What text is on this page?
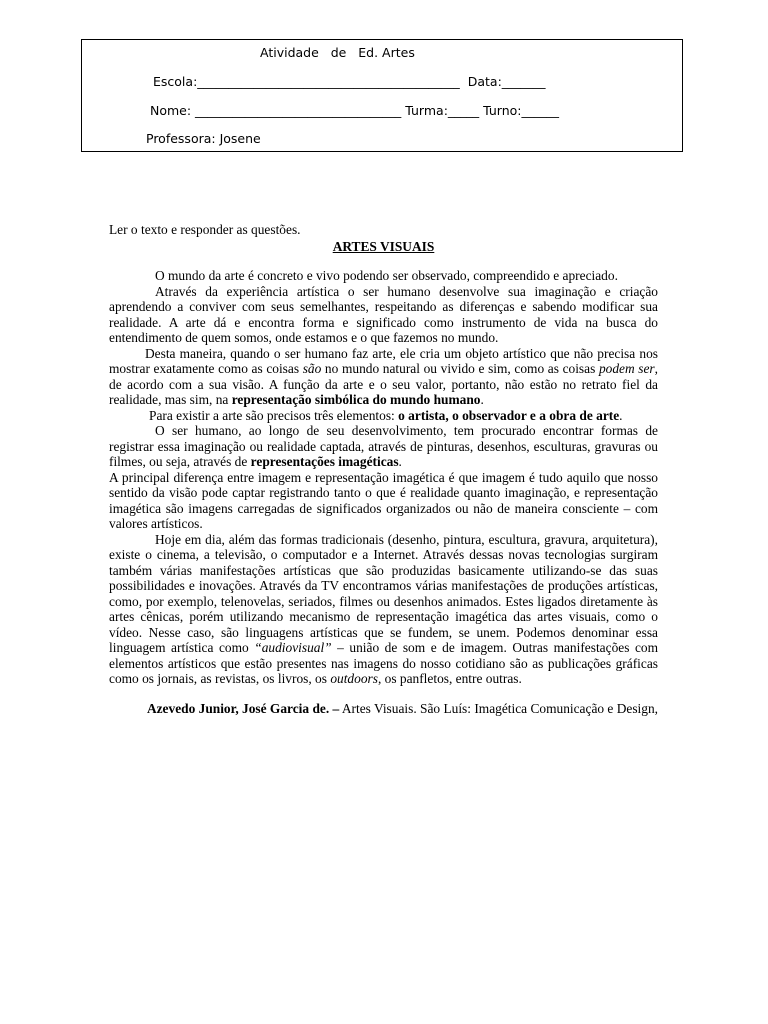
Atividade   de   Ed. Artes
Escola:__________________________________________  Data:_______
Nome: _________________________________ Turma:_____ Turno:______
Professora: Josene

Ler o texto e responder as questões.

ARTES VISUAIS

O mundo da arte é concreto e vivo podendo ser observado, compreendido e apreciado.

Através da experiência artística o ser humano desenvolve sua imaginação e criação aprendendo a conviver com seus semelhantes, respeitando as diferenças e sabendo modificar sua realidade. A arte dá e encontra forma e significado como instrumento de vida na busca do entendimento de quem somos, onde estamos e o que fazemos no mundo.

Desta maneira, quando o ser humano faz arte, ele cria um objeto artístico que não precisa nos mostrar exatamente como as coisas são no mundo natural ou vivido e sim, como as coisas podem ser, de acordo com a sua visão. A função da arte e o seu valor, portanto, não estão no retrato fiel da realidade, mas sim, na representação simbólica do mundo humano.

Para existir a arte são precisos três elementos: o artista, o observador e a obra de arte.

O ser humano, ao longo de seu desenvolvimento, tem procurado encontrar formas de registrar essa imaginação ou realidade captada, através de pinturas, desenhos, esculturas, gravuras ou filmes, ou seja, através de representações imagéticas.

A principal diferença entre imagem e representação imagética é que imagem é tudo aquilo que nosso sentido da visão pode captar registrando tanto o que é realidade quanto imaginação, e representação imagética são imagens carregadas de significados organizados ou não de maneira consciente – com valores artísticos.

Hoje em dia, além das formas tradicionais (desenho, pintura, escultura, gravura, arquitetura), existe o cinema, a televisão, o computador e a Internet. Através dessas novas tecnologias surgiram também várias manifestações artísticas que são produzidas basicamente utilizando-se das suas possibilidades e inovações. Através da TV encontramos várias manifestações de produções artísticas, como, por exemplo, telenovelas, seriados, filmes ou desenhos animados. Estes ligados diretamente às artes cênicas, porém utilizando mecanismo de representação imagética das artes visuais, como o vídeo. Nesse caso, são linguagens artísticas que se fundem, se unem. Podemos denominar essa linguagem artística como “audiovisual” – união de som e de imagem. Outras manifestações com elementos artísticos que estão presentes nas imagens do nosso cotidiano são as publicações gráficas como os jornais, as revistas, os livros, os outdoors, os panfletos, entre outras.

Azevedo Junior, José Garcia de. – Artes Visuais. São Luís: Imagética Comunicação e Design,
